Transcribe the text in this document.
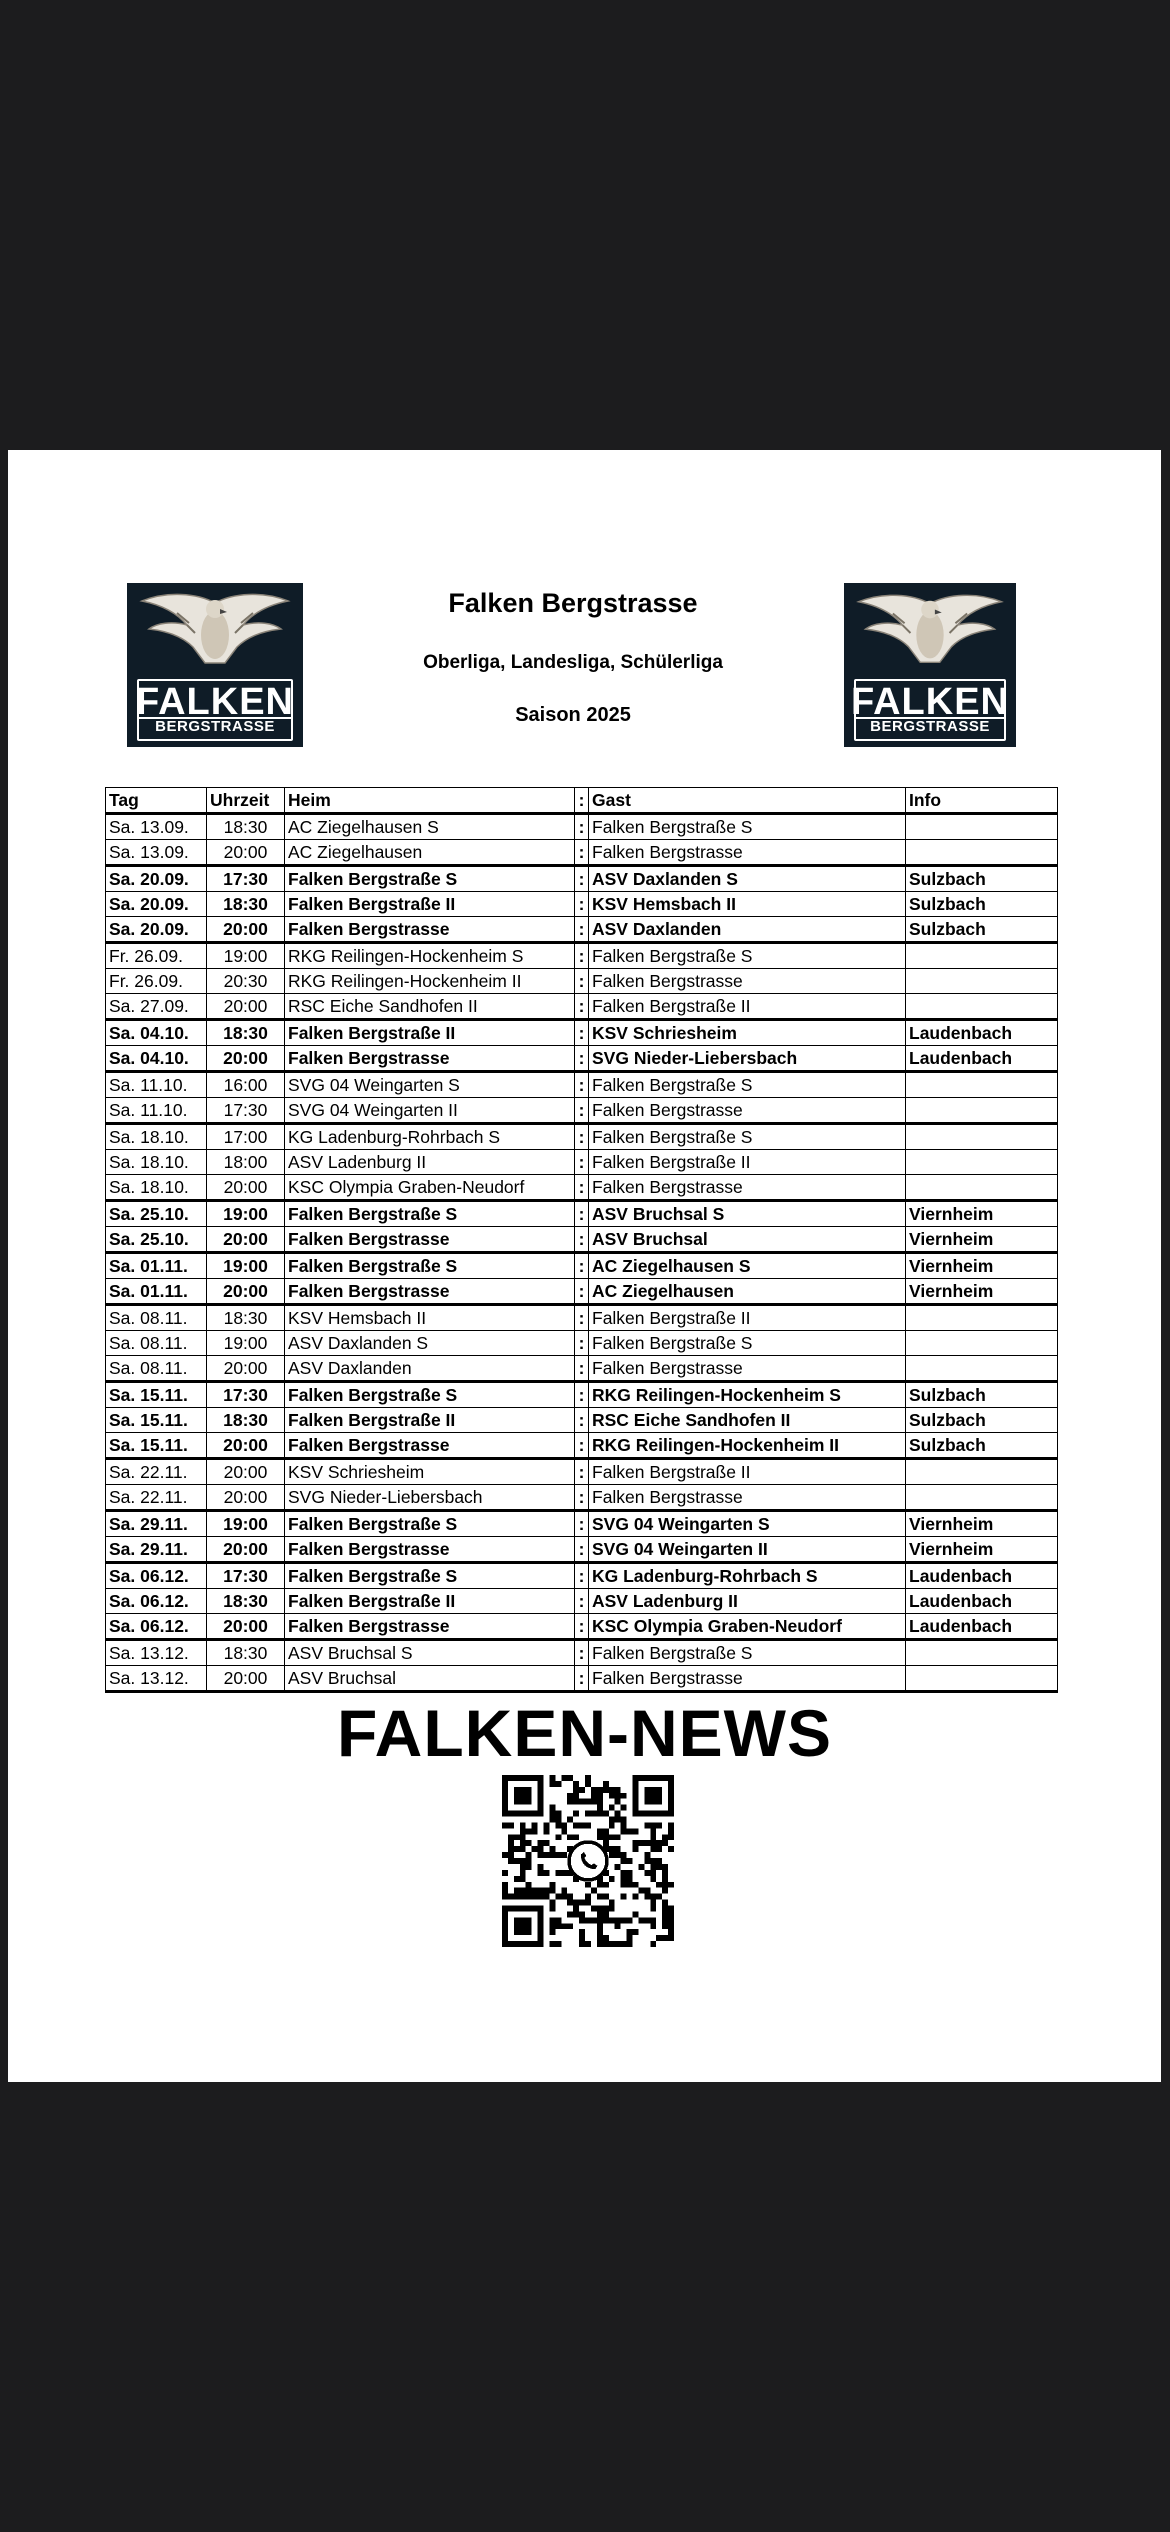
FALKEN
BERGSTRASSE
Falken Bergstrasse
Oberliga, Landesliga, Schülerliga
Saison 2025	FALKEN
BERGSTRASSE
Tag	Uhrzeit	Heim	:	Gast	Info
Sa. 13.09.	18:30	AC Ziegelhausen S	:	Falken Bergstraße S	
Sa. 13.09.	20:00	AC Ziegelhausen	:	Falken Bergstrasse	
Sa. 20.09.	17:30	Falken Bergstraße S	:	ASV Daxlanden S	Sulzbach
Sa. 20.09.	18:30	Falken Bergstraße II	:	KSV Hemsbach II	Sulzbach
Sa. 20.09.	20:00	Falken Bergstrasse	:	ASV Daxlanden	Sulzbach
Fr. 26.09.	19:00	RKG Reilingen-Hockenheim S	:	Falken Bergstraße S	
Fr. 26.09.	20:30	RKG Reilingen-Hockenheim II	:	Falken Bergstrasse	
Sa. 27.09.	20:00	RSC Eiche Sandhofen II	:	Falken Bergstraße II	
Sa. 04.10.	18:30	Falken Bergstraße II	:	KSV Schriesheim	Laudenbach
Sa. 04.10.	20:00	Falken Bergstrasse	:	SVG Nieder-Liebersbach	Laudenbach
Sa. 11.10.	16:00	SVG 04 Weingarten S	:	Falken Bergstraße S	
Sa. 11.10.	17:30	SVG 04 Weingarten II	:	Falken Bergstrasse	
Sa. 18.10.	17:00	KG Ladenburg-Rohrbach S	:	Falken Bergstraße S	
Sa. 18.10.	18:00	ASV Ladenburg II	:	Falken Bergstraße II	
Sa. 18.10.	20:00	KSC Olympia Graben-Neudorf	:	Falken Bergstrasse	
Sa. 25.10.	19:00	Falken Bergstraße S	:	ASV Bruchsal S	Viernheim
Sa. 25.10.	20:00	Falken Bergstrasse	:	ASV Bruchsal	Viernheim
Sa. 01.11.	19:00	Falken Bergstraße S	:	AC Ziegelhausen S	Viernheim
Sa. 01.11.	20:00	Falken Bergstrasse	:	AC Ziegelhausen	Viernheim
Sa. 08.11.	18:30	KSV Hemsbach II	:	Falken Bergstraße II	
Sa. 08.11.	19:00	ASV Daxlanden S	:	Falken Bergstraße S	
Sa. 08.11.	20:00	ASV Daxlanden	:	Falken Bergstrasse	
Sa. 15.11.	17:30	Falken Bergstraße S	:	RKG Reilingen-Hockenheim S	Sulzbach
Sa. 15.11.	18:30	Falken Bergstraße II	:	RSC Eiche Sandhofen II	Sulzbach
Sa. 15.11.	20:00	Falken Bergstrasse	:	RKG Reilingen-Hockenheim II	Sulzbach
Sa. 22.11.	20:00	KSV Schriesheim	:	Falken Bergstraße II	
Sa. 22.11.	20:00	SVG Nieder-Liebersbach	:	Falken Bergstrasse	
Sa. 29.11.	19:00	Falken Bergstraße S	:	SVG 04 Weingarten S	Viernheim
Sa. 29.11.	20:00	Falken Bergstrasse	:	SVG 04 Weingarten II	Viernheim
Sa. 06.12.	17:30	Falken Bergstraße S	:	KG Ladenburg-Rohrbach S	Laudenbach
Sa. 06.12.	18:30	Falken Bergstraße II	:	ASV Ladenburg II	Laudenbach
Sa. 06.12.	20:00	Falken Bergstrasse	:	KSC Olympia Graben-Neudorf	Laudenbach
Sa. 13.12.	18:30	ASV Bruchsal S	:	Falken Bergstraße S	
Sa. 13.12.	20:00	ASV Bruchsal	:	Falken Bergstrasse	
FALKEN-NEWS
